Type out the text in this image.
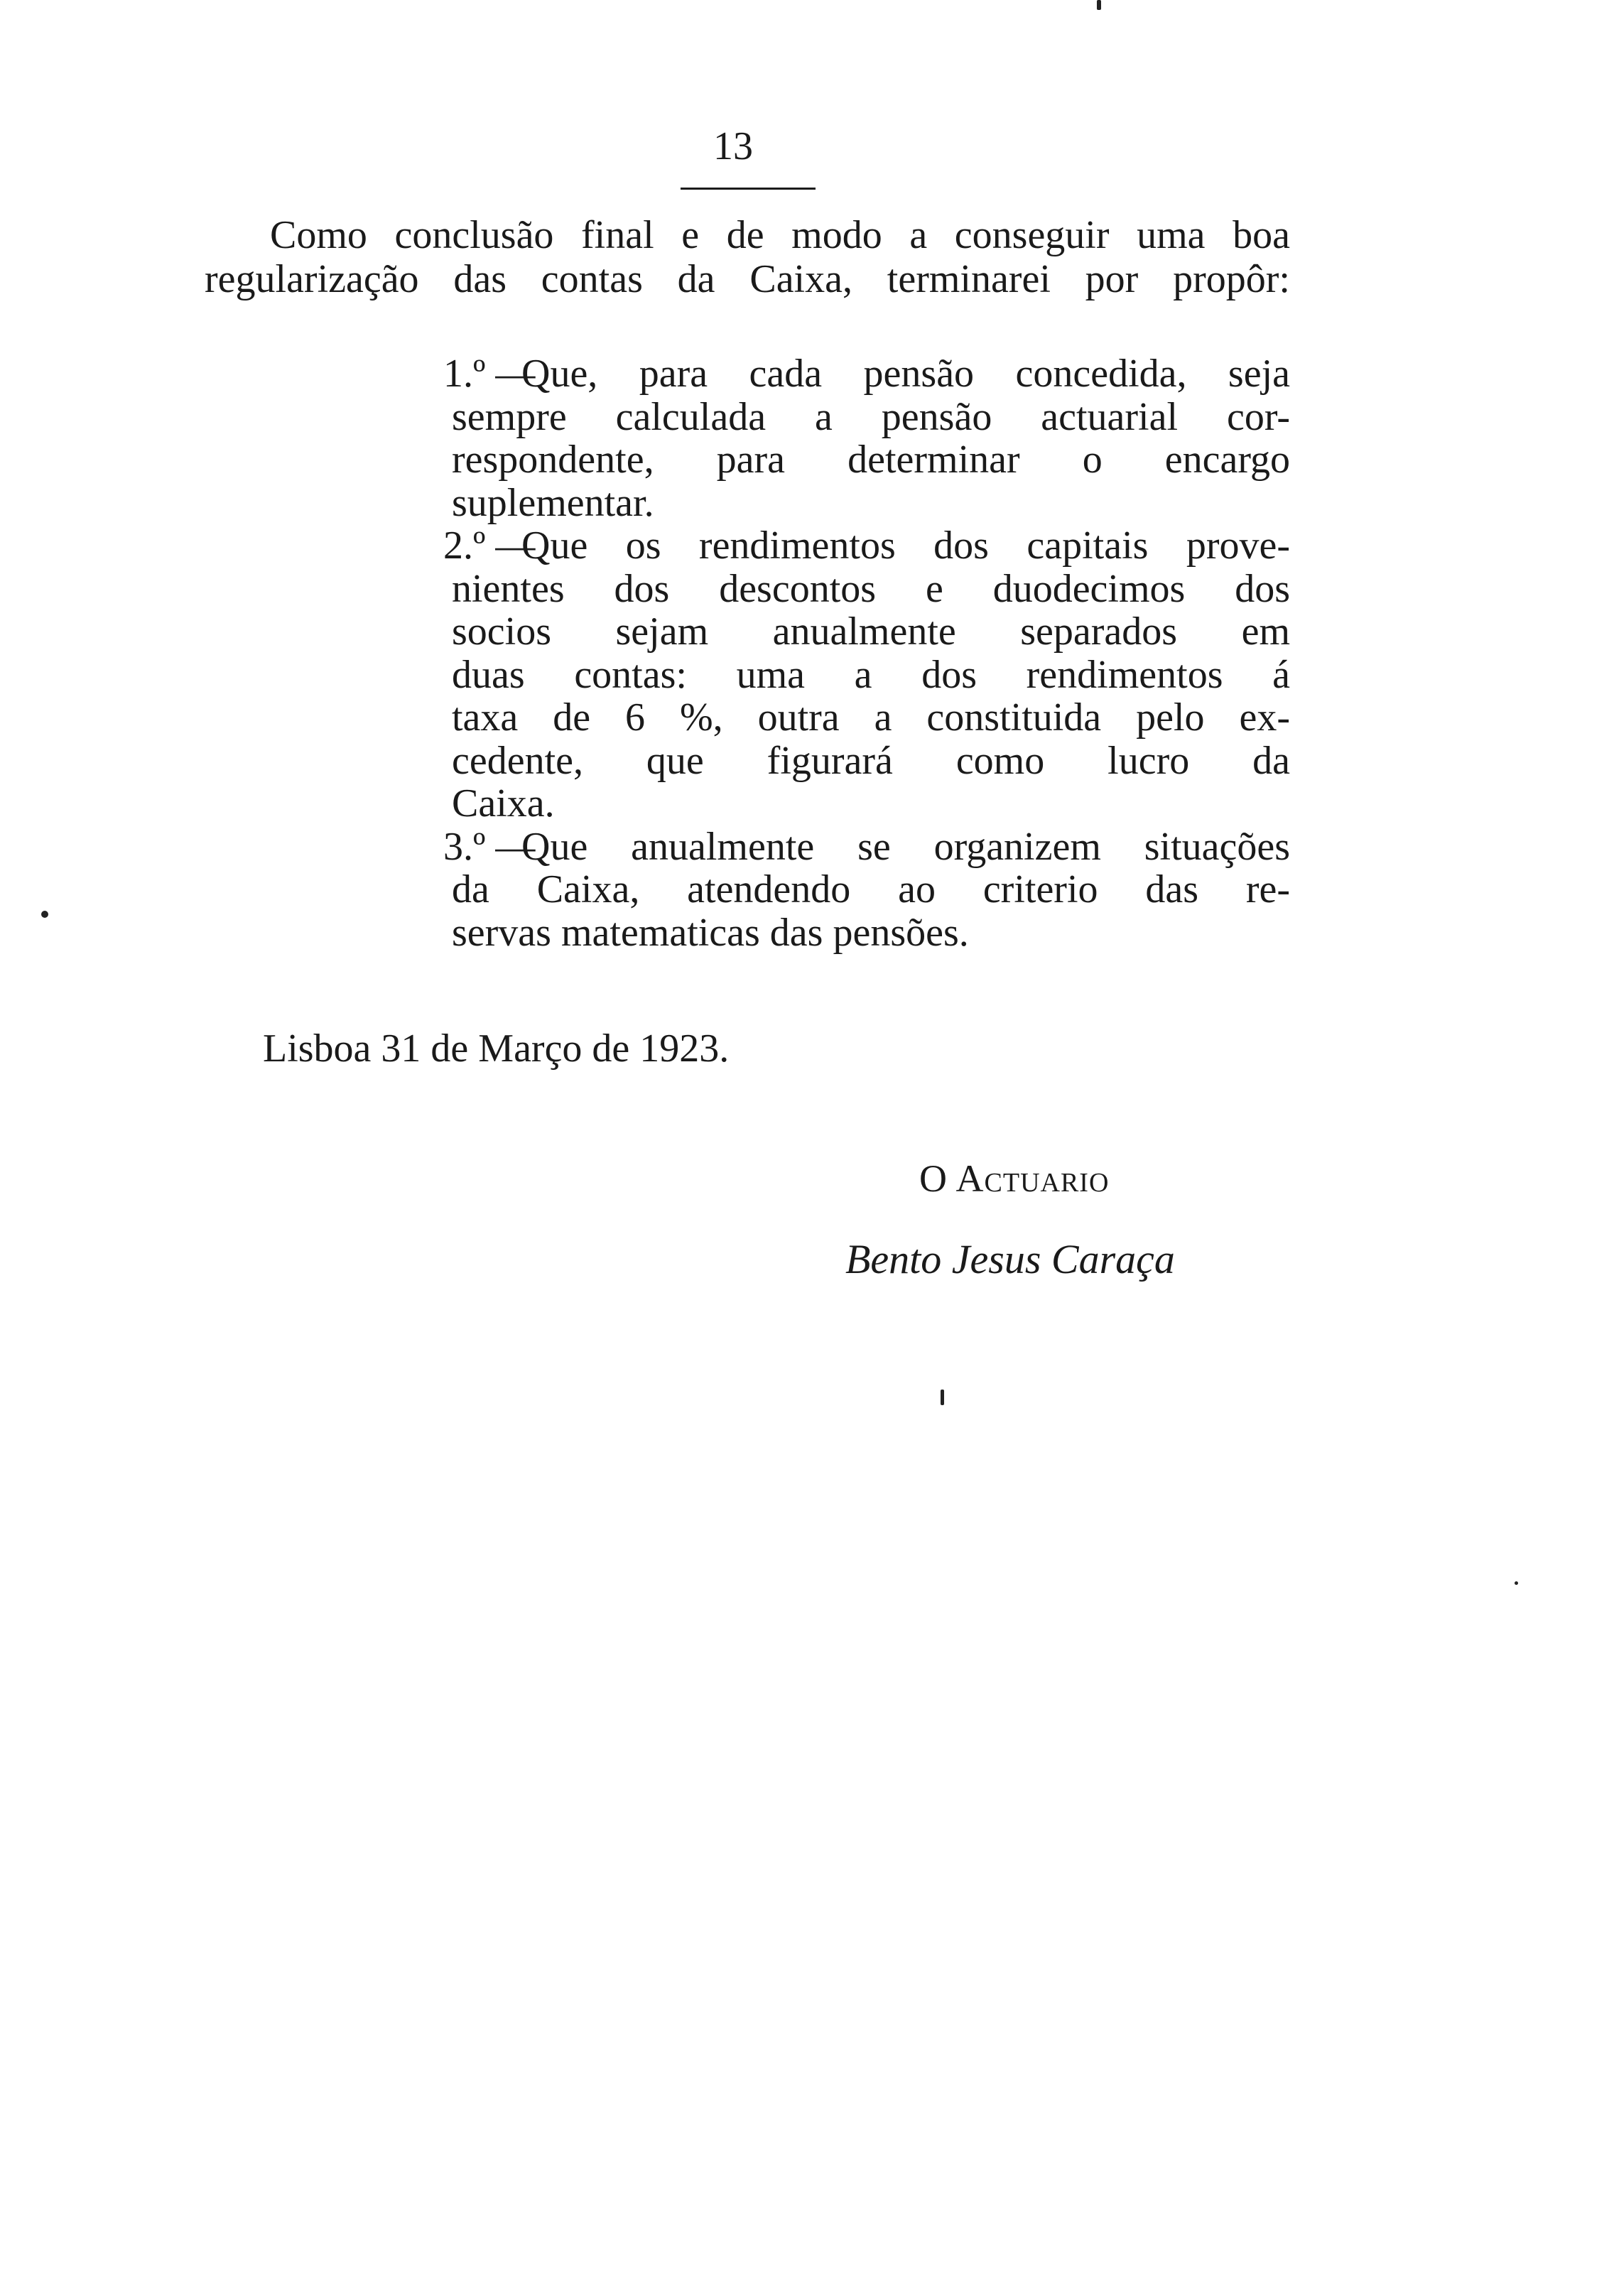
13
Como conclusão final e de modo a conseguir uma boa
regularização das contas da Caixa, terminarei por propôr:
1.º —
Que, para cada pensão concedida, seja
sempre calculada a pensão actuarial cor-
respondente, para determinar o encargo
suplementar.
2.º —
Que os rendimentos dos capitais prove-
nientes dos descontos e duodecimos dos
socios sejam anualmente separados em
duas contas: uma a dos rendimentos á
taxa de 6 %, outra a constituida pelo ex-
cedente, que figurará como lucro da
Caixa.
3.º —
Que anualmente se organizem situações
da Caixa, atendendo ao criterio das re-
servas matematicas das pensões.
Lisboa 31 de Março de 1923.
O Actuario
Bento Jesus Caraça
